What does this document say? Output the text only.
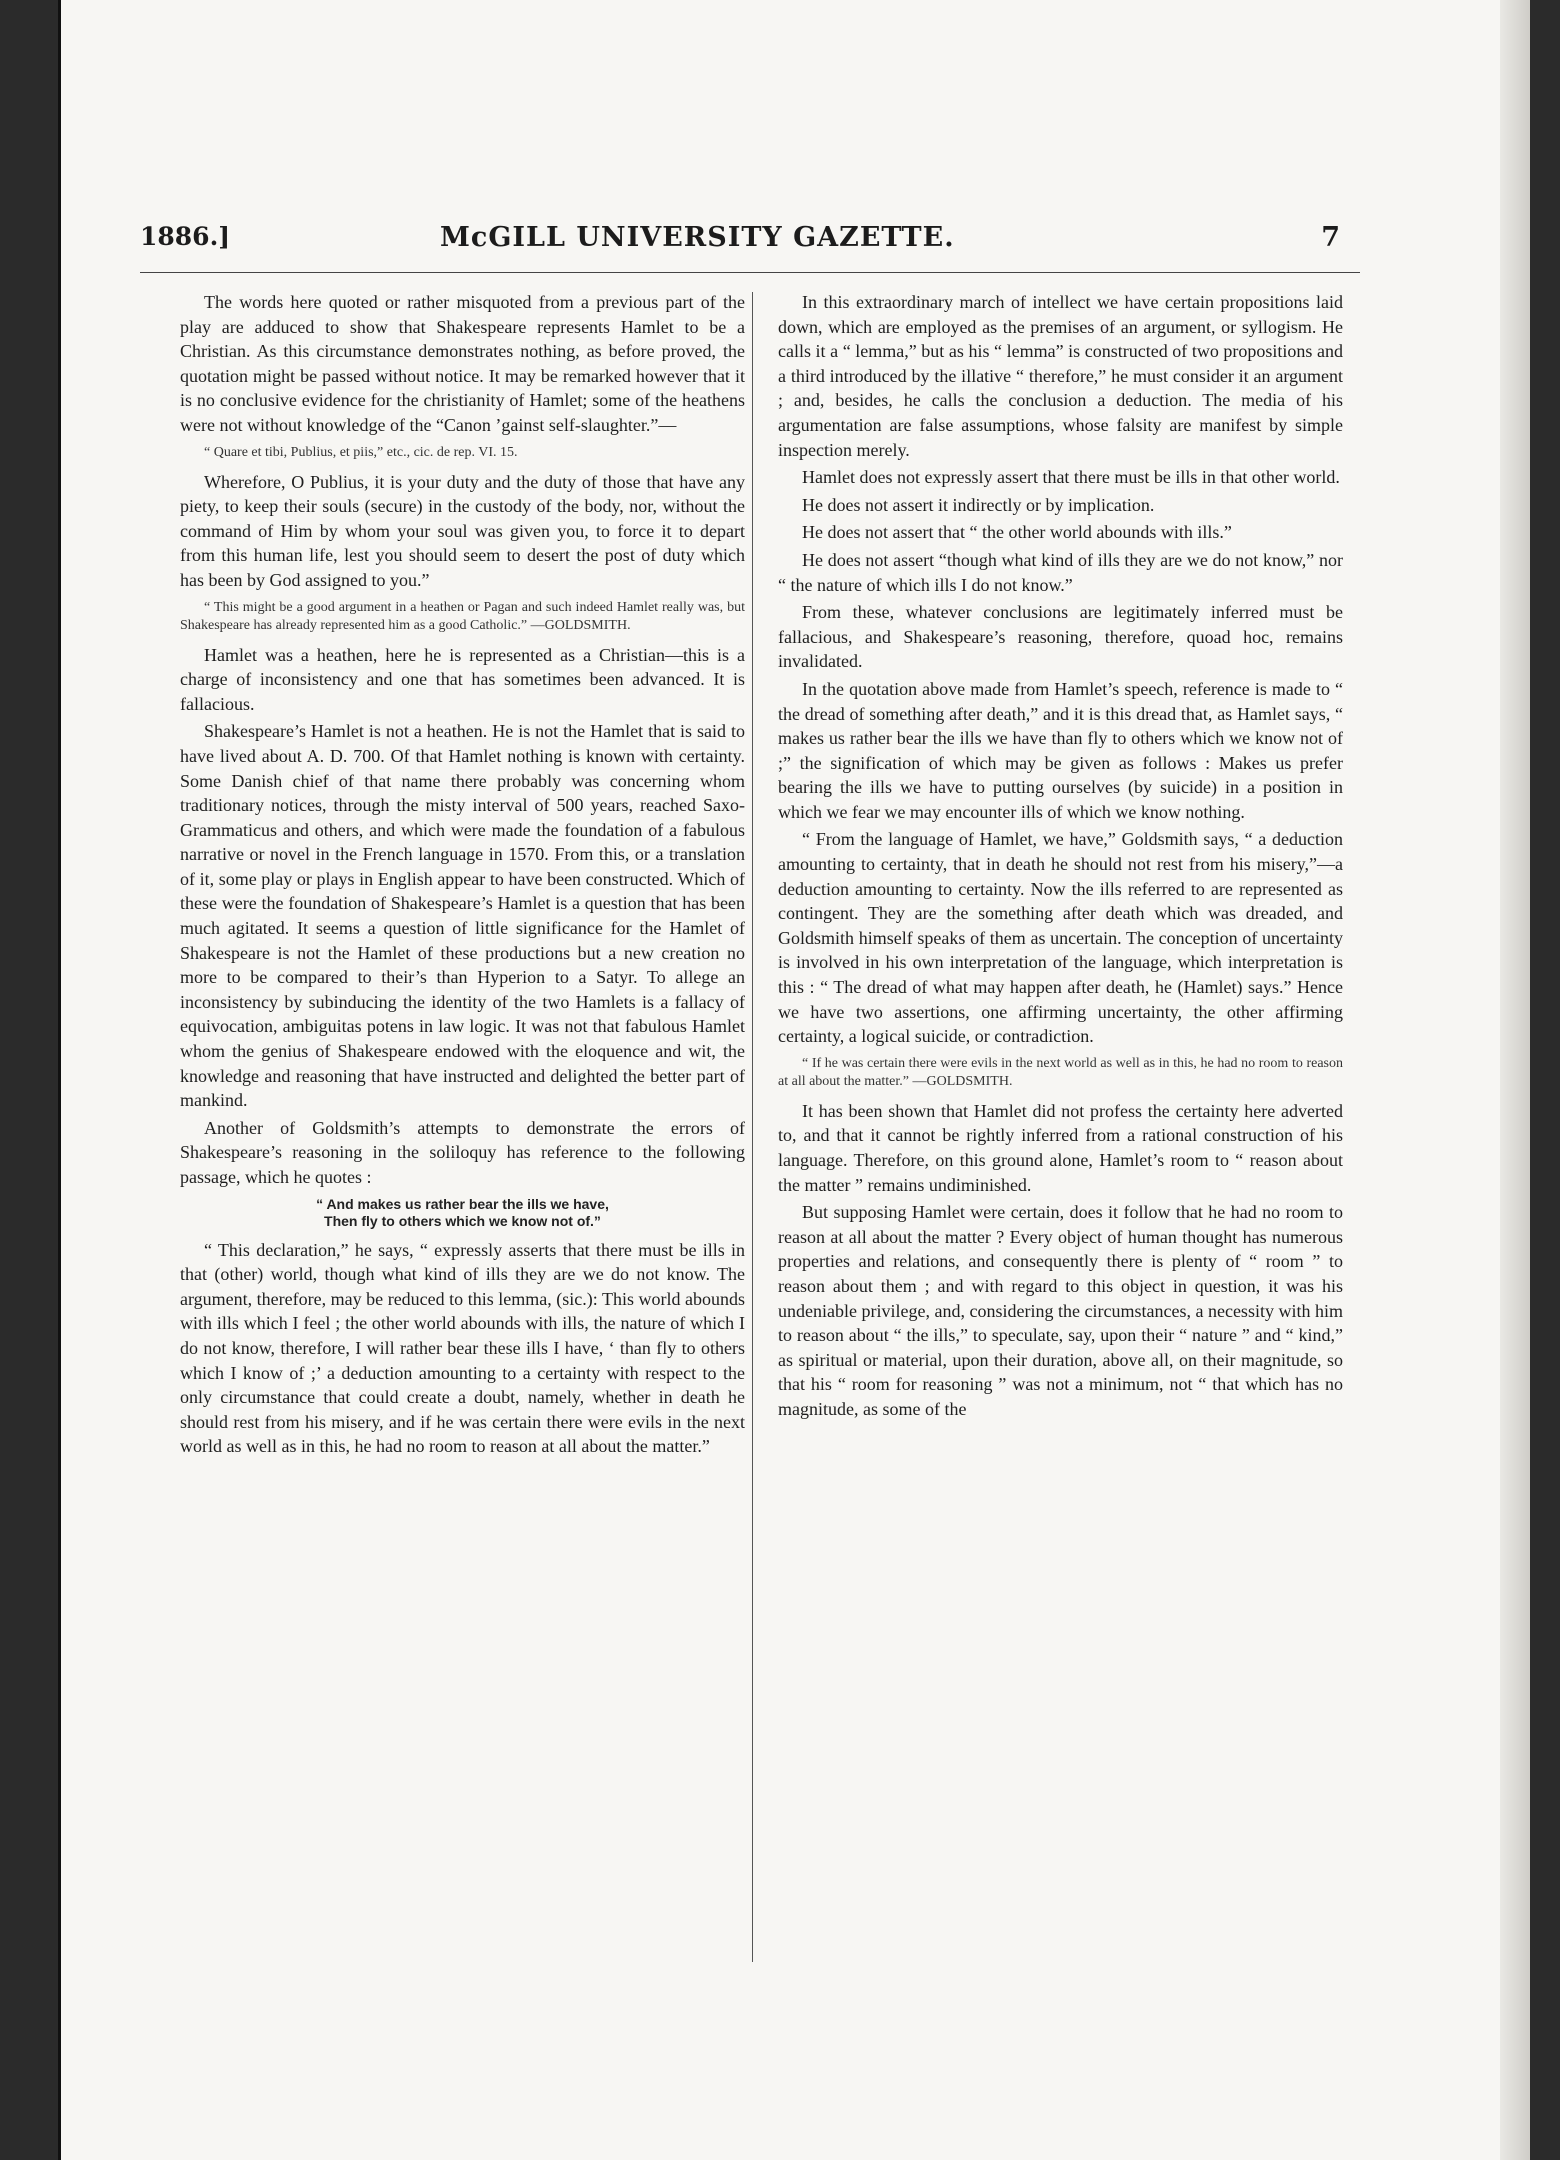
1886.]	McGILL UNIVERSITY GAZETTE.	7

The words here quoted or rather misquoted from a previous part of the play are adduced to show that Shakespeare represents Hamlet to be a Christian. As this circumstance demonstrates nothing, as before proved, the quotation might be passed without notice. It may be remarked however that it is no conclusive evidence for the christianity of Hamlet; some of the heathens were not without knowledge of the “Canon ’gainst self-slaughter.”—

“ Quare et tibi, Publius, et piis,” etc., cic. de rep. VI. 15.

Wherefore, O Publius, it is your duty and the duty of those that have any piety, to keep their souls (secure) in the custody of the body, nor, without the command of Him by whom your soul was given you, to force it to depart from this human life, lest you should seem to desert the post of duty which has been by God assigned to you.”

“ This might be a good argument in a heathen or Pagan and such indeed Hamlet really was, but Shakespeare has already represented him as a good Catholic.” —GOLDSMITH.

Hamlet was a heathen, here he is represented as a Christian—this is a charge of inconsistency and one that has sometimes been advanced. It is fallacious.

Shakespeare’s Hamlet is not a heathen. He is not the Hamlet that is said to have lived about A. D. 700. Of that Hamlet nothing is known with certainty. Some Danish chief of that name there probably was concerning whom traditionary notices, through the misty interval of 500 years, reached Saxo-Grammaticus and others, and which were made the foundation of a fabulous narrative or novel in the French language in 1570. From this, or a translation of it, some play or plays in English appear to have been constructed. Which of these were the foundation of Shakespeare’s Hamlet is a question that has been much agitated. It seems a question of little significance for the Hamlet of Shakespeare is not the Hamlet of these productions but a new creation no more to be compared to their’s than Hyperion to a Satyr. To allege an inconsistency by subinducing the identity of the two Hamlets is a fallacy of equivocation, ambiguitas potens in law logic. It was not that fabulous Hamlet whom the genius of Shakespeare endowed with the eloquence and wit, the knowledge and reasoning that have instructed and delighted the better part of mankind.

Another of Goldsmith’s attempts to demonstrate the errors of Shakespeare’s reasoning in the soliloquy has reference to the following passage, which he quotes :

“ And makes us rather bear the ills we have,
Then fly to others which we know not of.”

“ This declaration,” he says, “ expressly asserts that there must be ills in that (other) world, though what kind of ills they are we do not know. The argument, therefore, may be reduced to this lemma, (sic.): This world abounds with ills which I feel ; the other world abounds with ills, the nature of which I do not know, therefore, I will rather bear these ills I have, ‘ than fly to others which I know of ;’ a deduction amounting to a certainty with respect to the only circumstance that could create a doubt, namely, whether in death he should rest from his misery, and if he was certain there were evils in the next world as well as in this, he had no room to reason at all about the matter.”

In this extraordinary march of intellect we have certain propositions laid down, which are employed as the premises of an argument, or syllogism. He calls it a “ lemma,” but as his “ lemma” is constructed of two propositions and a third introduced by the illative “ therefore,” he must consider it an argument ; and, besides, he calls the conclusion a deduction. The media of his argumentation are false assumptions, whose falsity are manifest by simple inspection merely.

Hamlet does not expressly assert that there must be ills in that other world.

He does not assert it indirectly or by implication.

He does not assert that “ the other world abounds with ills.”

He does not assert “though what kind of ills they are we do not know,” nor “ the nature of which ills I do not know.”

From these, whatever conclusions are legitimately inferred must be fallacious, and Shakespeare’s reasoning, therefore, quoad hoc, remains invalidated.

In the quotation above made from Hamlet’s speech, reference is made to “ the dread of something after death,” and it is this dread that, as Hamlet says, “ makes us rather bear the ills we have than fly to others which we know not of ;” the signification of which may be given as follows : Makes us prefer bearing the ills we have to putting ourselves (by suicide) in a position in which we fear we may encounter ills of which we know nothing.

“ From the language of Hamlet, we have,” Goldsmith says, “ a deduction amounting to certainty, that in death he should not rest from his misery,”—a deduction amounting to certainty. Now the ills referred to are represented as contingent. They are the something after death which was dreaded, and Goldsmith himself speaks of them as uncertain. The conception of uncertainty is involved in his own interpretation of the language, which interpretation is this : “ The dread of what may happen after death, he (Hamlet) says.” Hence we have two assertions, one affirming uncertainty, the other affirming certainty, a logical suicide, or contradiction.

“ If he was certain there were evils in the next world as well as in this, he had no room to reason at all about the matter.” —GOLDSMITH.

It has been shown that Hamlet did not profess the certainty here adverted to, and that it cannot be rightly inferred from a rational construction of his language. Therefore, on this ground alone, Hamlet’s room to “ reason about the matter ” remains undiminished.

But supposing Hamlet were certain, does it follow that he had no room to reason at all about the matter ? Every object of human thought has numerous properties and relations, and consequently there is plenty of “ room ” to reason about them ; and with regard to this object in question, it was his undeniable privilege, and, considering the circumstances, a necessity with him to reason about “ the ills,” to speculate, say, upon their “ nature ” and “ kind,” as spiritual or material, upon their duration, above all, on their magnitude, so that his “ room for reasoning ” was not a minimum, not “ that which has no magnitude, as some of the
